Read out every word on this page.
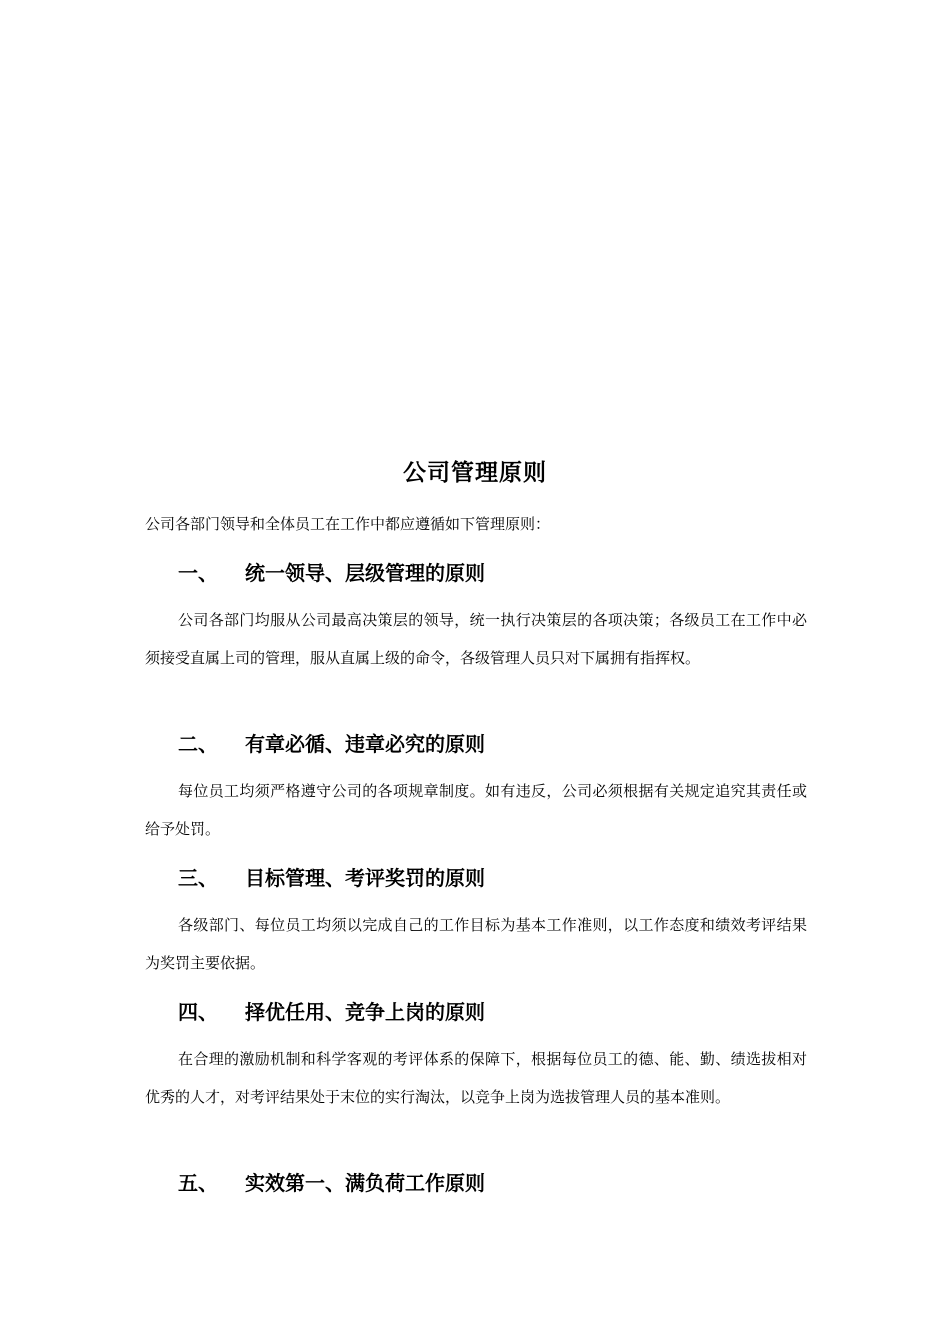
公司管理原则
公司各部门领导和全体员工在工作中都应遵循如下管理原则：
一、 统一领导、层级管理的原则

公司各部门均服从公司最高决策层的领导，统一执行决策层的各项决策；各级员工在工作中必须接受直属上司的管理，服从直属上级的命令，各级管理人员只对下属拥有指挥权。

二、 有章必循、违章必究的原则

每位员工均须严格遵守公司的各项规章制度。如有违反，公司必须根据有关规定追究其责任或给予处罚。

三、 目标管理、考评奖罚的原则

各级部门、每位员工均须以完成自己的工作目标为基本工作准则，以工作态度和绩效考评结果为奖罚主要依据。

四、 择优任用、竞争上岗的原则

在合理的激励机制和科学客观的考评体系的保障下，根据每位员工的德、能、勤、绩选拔相对优秀的人才，对考评结果处于末位的实行淘汰，以竞争上岗为选拔管理人员的基本准则。

五、 实效第一、满负荷工作原则
